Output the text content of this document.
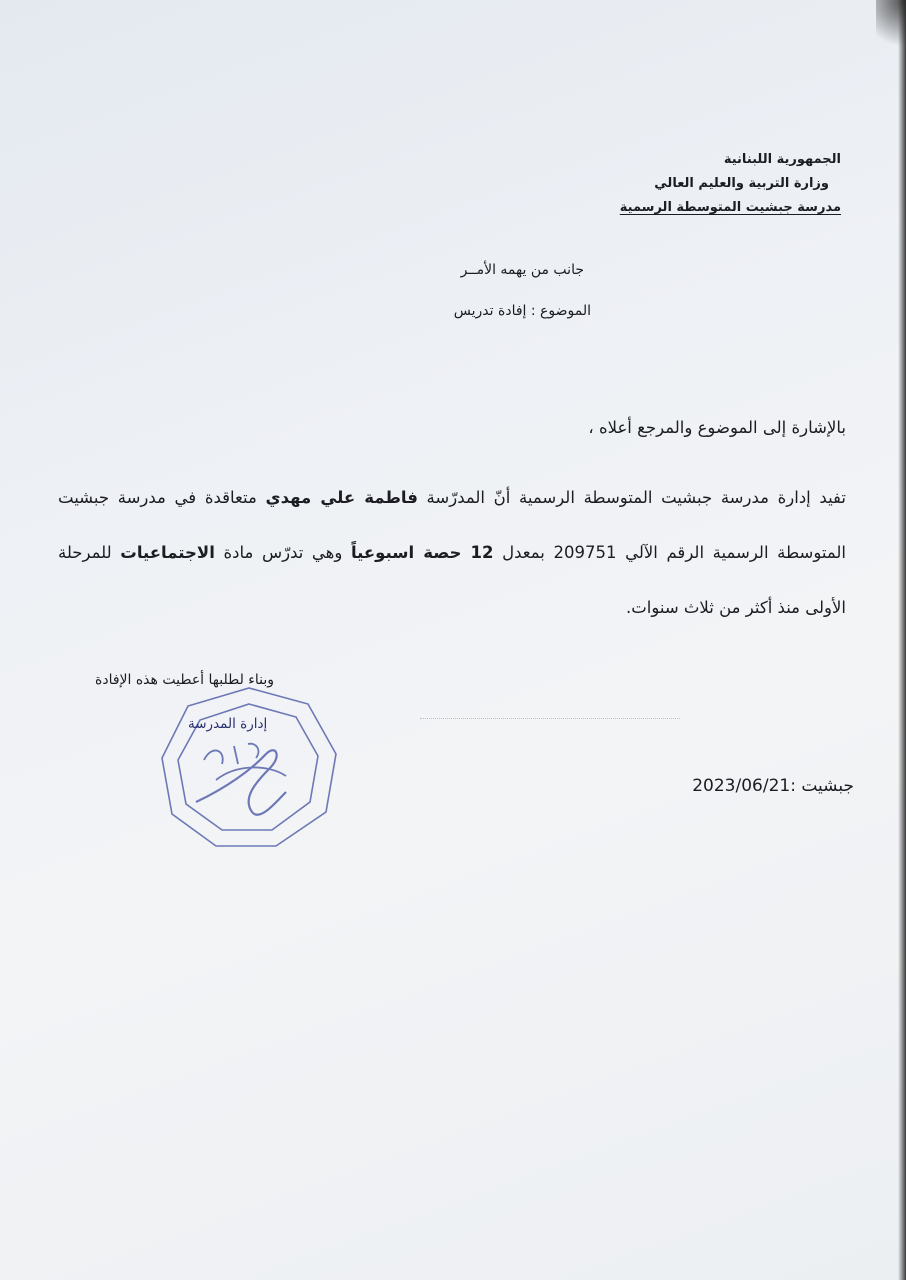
الجمهورية اللبنانية
وزارة التربية والعليم العالي
مدرسة جبشيت المتوسطة الرسمية
جانب من يهمه الأمــر
الموضوع : إفادة تدريس

بالإشارة إلى الموضوع والمرجع أعلاه ،

تفيد إدارة مدرسة جبشيت المتوسطة الرسمية أنّ المدرّسة فاطمة علي مهدي متعاقدة في مدرسة جبشيت المتوسطة الرسمية الرقم الآلي 209751 بمعدل 12 حصة اسبوعياً وهي تدرّس مادة الاجتماعيات للمرحلة الأولى منذ أكثر من ثلاث سنوات.

وبناء لطلبها أعطيت هذه الإفادة
إدارة المدرسة
جبشيت 2023/06/21:
